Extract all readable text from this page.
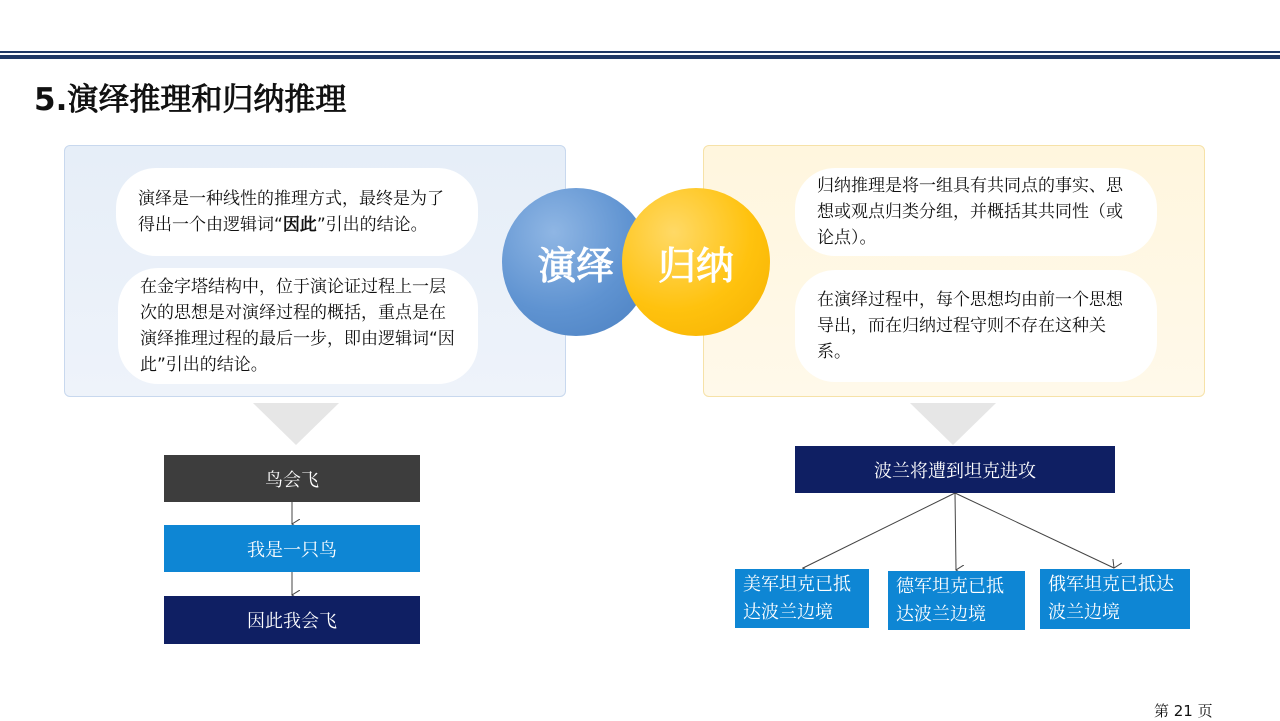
5.演绎推理和归纳推理
演绎是一种线性的推理方式，最终是为了得出一个由逻辑词“因此”引出的结论。
在金字塔结构中，位于演论证过程上一层次的思想是对演绎过程的概括，重点是在演绎推理过程的最后一步，即由逻辑词“因此”引出的结论。
归纳推理是将一组具有共同点的事实、思想或观点归类分组，并概括其共同性（或论点）。
在演绎过程中，每个思想均由前一个思想导出，而在归纳过程守则不存在这种关系。
演绎	归纳
鸟会飞
我是一只鸟
因此我会飞
波兰将遭到坦克进攻
美军坦克已抵达波兰边境
德军坦克已抵达波兰边境
俄军坦克已抵达波兰边境
第 21 页
